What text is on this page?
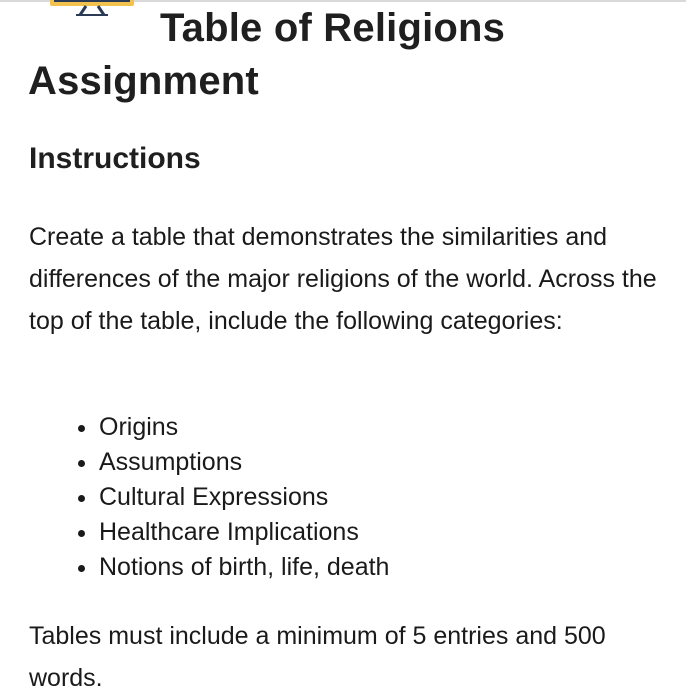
Table of Religions Assignment
Instructions

Create a table that demonstrates the similarities and differences of the major religions of the world. Across the top of the table, include the following categories:

• Origins
• Assumptions
• Cultural Expressions
• Healthcare Implications
• Notions of birth, life, death

Tables must include a minimum of 5 entries and 500 words.
